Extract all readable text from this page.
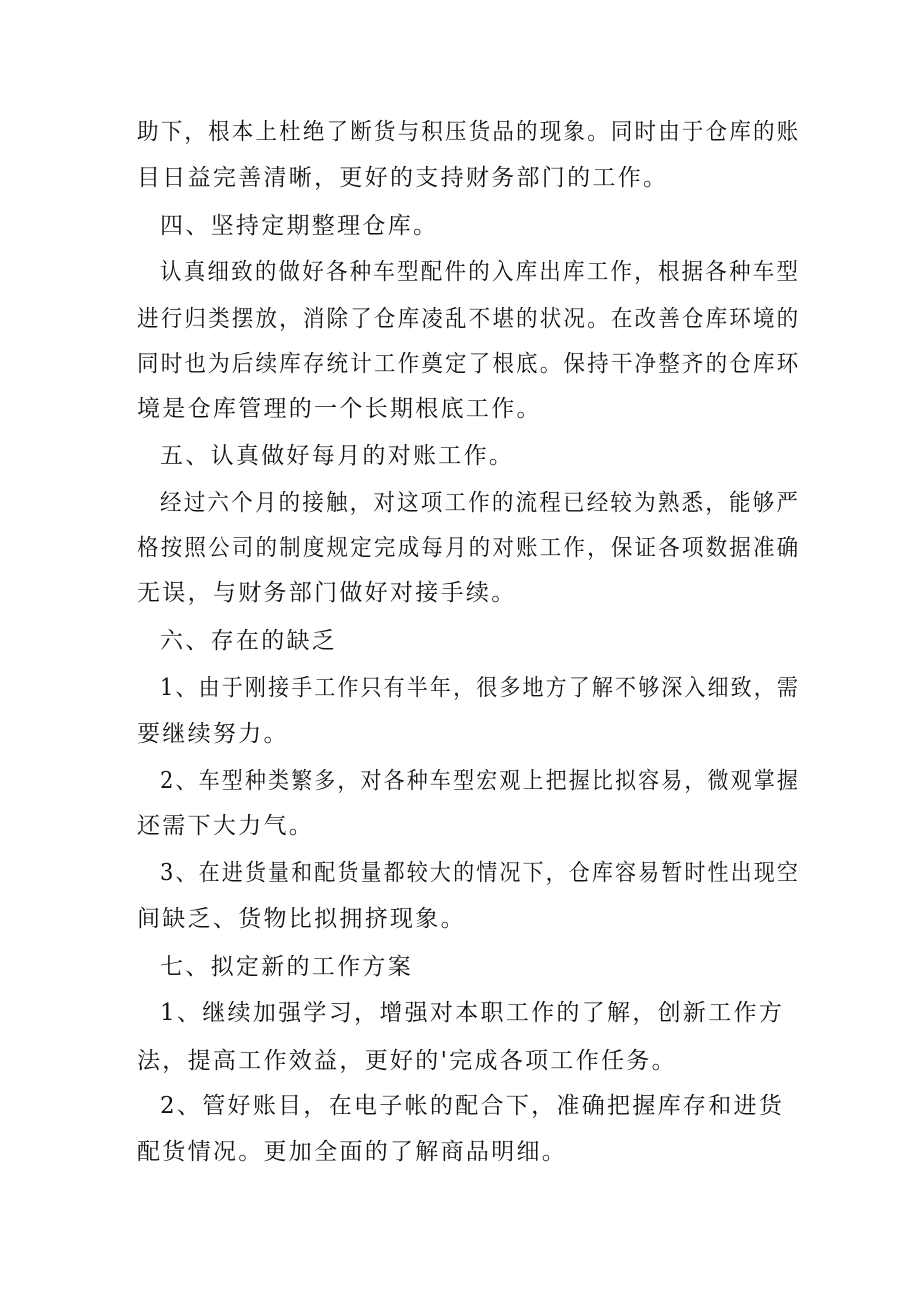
助下，根本上杜绝了断货与积压货品的现象。同时由于仓库的账
目日益完善清晰，更好的支持财务部门的工作。
四、坚持定期整理仓库。
认真细致的做好各种车型配件的入库出库工作，根据各种车型
进行归类摆放，消除了仓库凌乱不堪的状况。在改善仓库环境的
同时也为后续库存统计工作奠定了根底。保持干净整齐的仓库环
境是仓库管理的一个长期根底工作。
五、认真做好每月的对账工作。
经过六个月的接触，对这项工作的流程已经较为熟悉，能够严
格按照公司的制度规定完成每月的对账工作，保证各项数据准确
无误，与财务部门做好对接手续。
六、存在的缺乏
1、由于刚接手工作只有半年，很多地方了解不够深入细致，需
要继续努力。
2、车型种类繁多，对各种车型宏观上把握比拟容易，微观掌握
还需下大力气。
3、在进货量和配货量都较大的情况下，仓库容易暂时性出现空
间缺乏、货物比拟拥挤现象。
七、拟定新的工作方案
1、继续加强学习，增强对本职工作的了解，创新工作方
法，提高工作效益，更好的'完成各项工作任务。
2、管好账目，在电子帐的配合下，准确把握库存和进货
配货情况。更加全面的了解商品明细。
